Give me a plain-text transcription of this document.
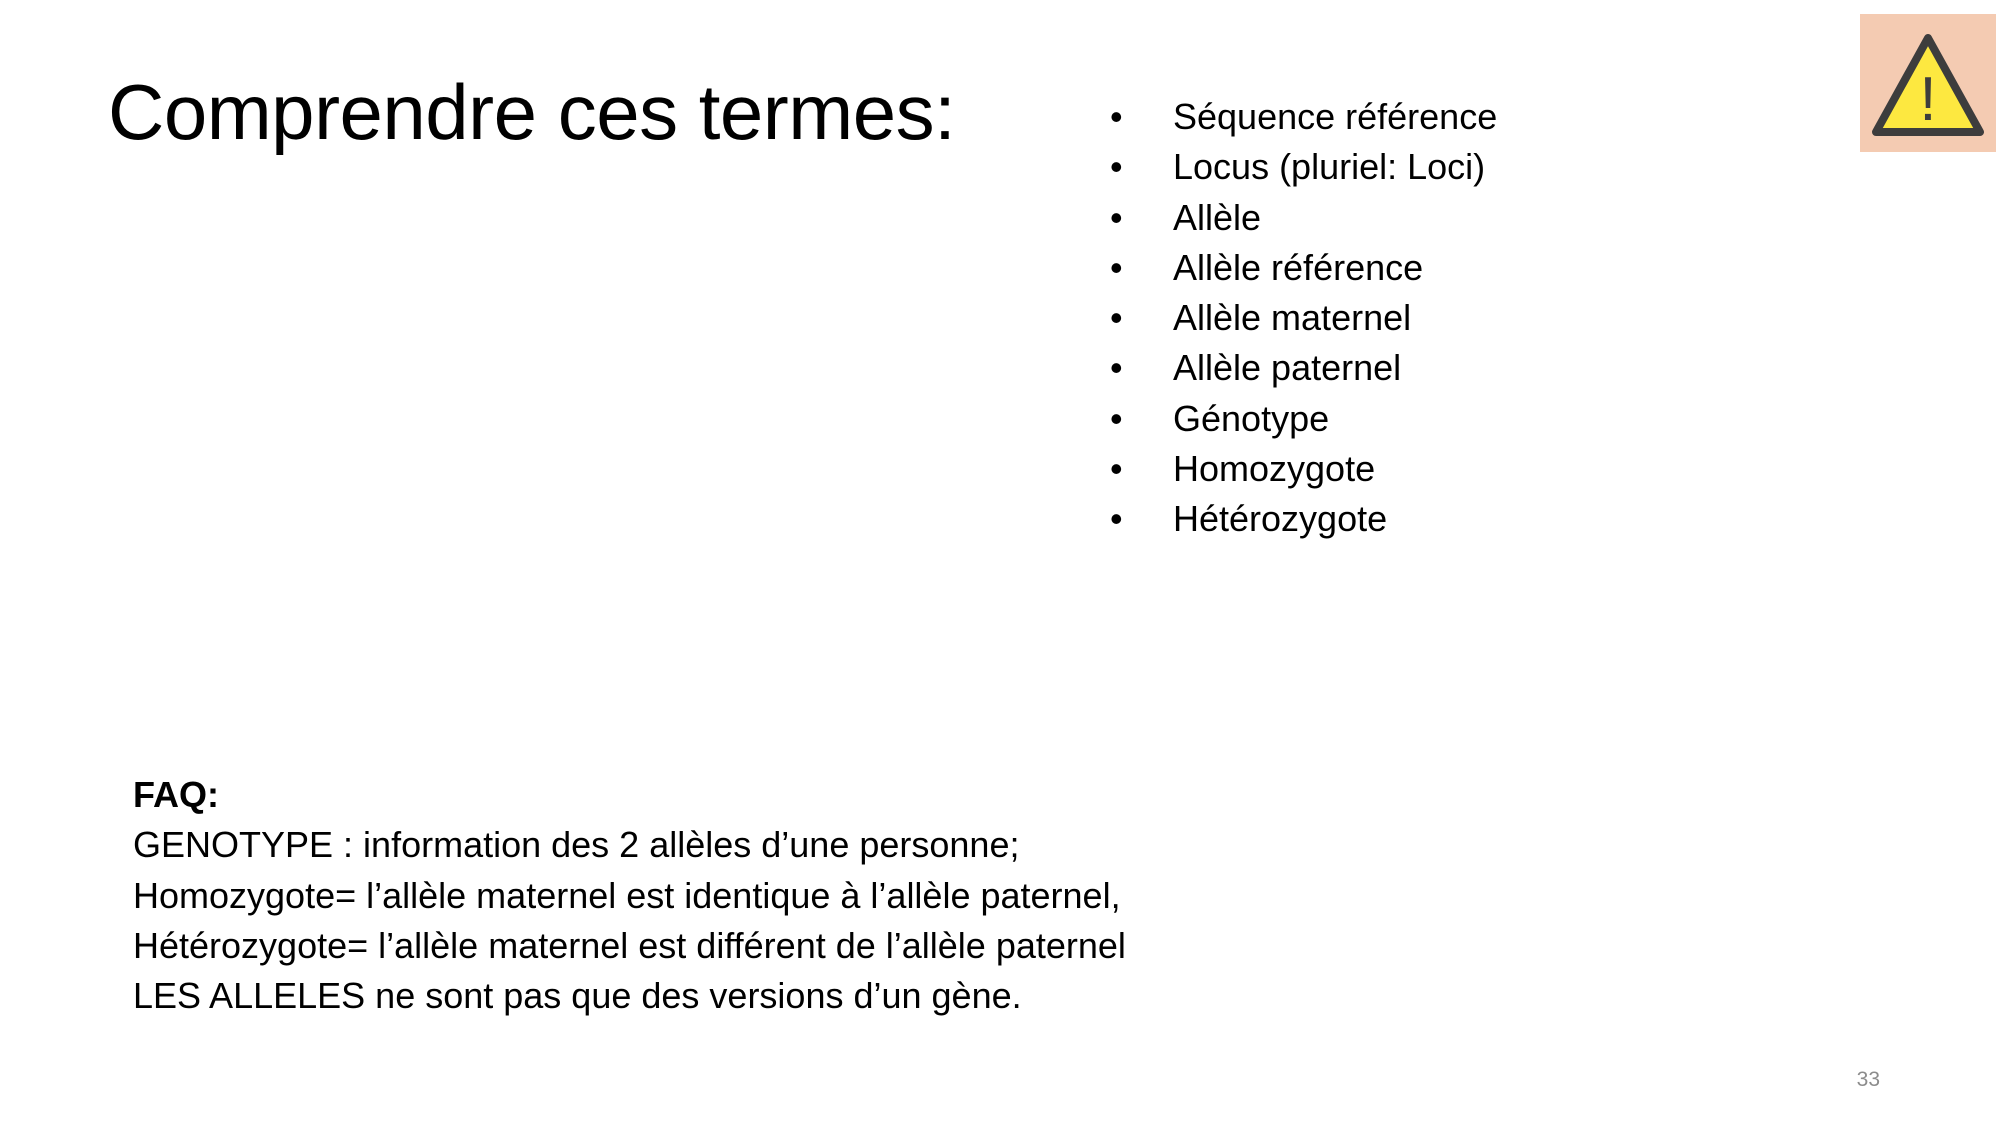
Comprendre ces termes:	• Séquence référence
• Locus (pluriel: Loci)
• Allèle
• Allèle référence
• Allèle maternel
• Allèle paternel
• Génotype
• Homozygote
• Hétérozygote
FAQ:
GENOTYPE : information des 2 allèles d’une personne;
Homozygote= l’allèle maternel est identique à l’allèle paternel,
Hétérozygote= l’allèle maternel est différent de l’allèle paternel
LES ALLELES ne sont pas que des versions d’un gène.
!
33
